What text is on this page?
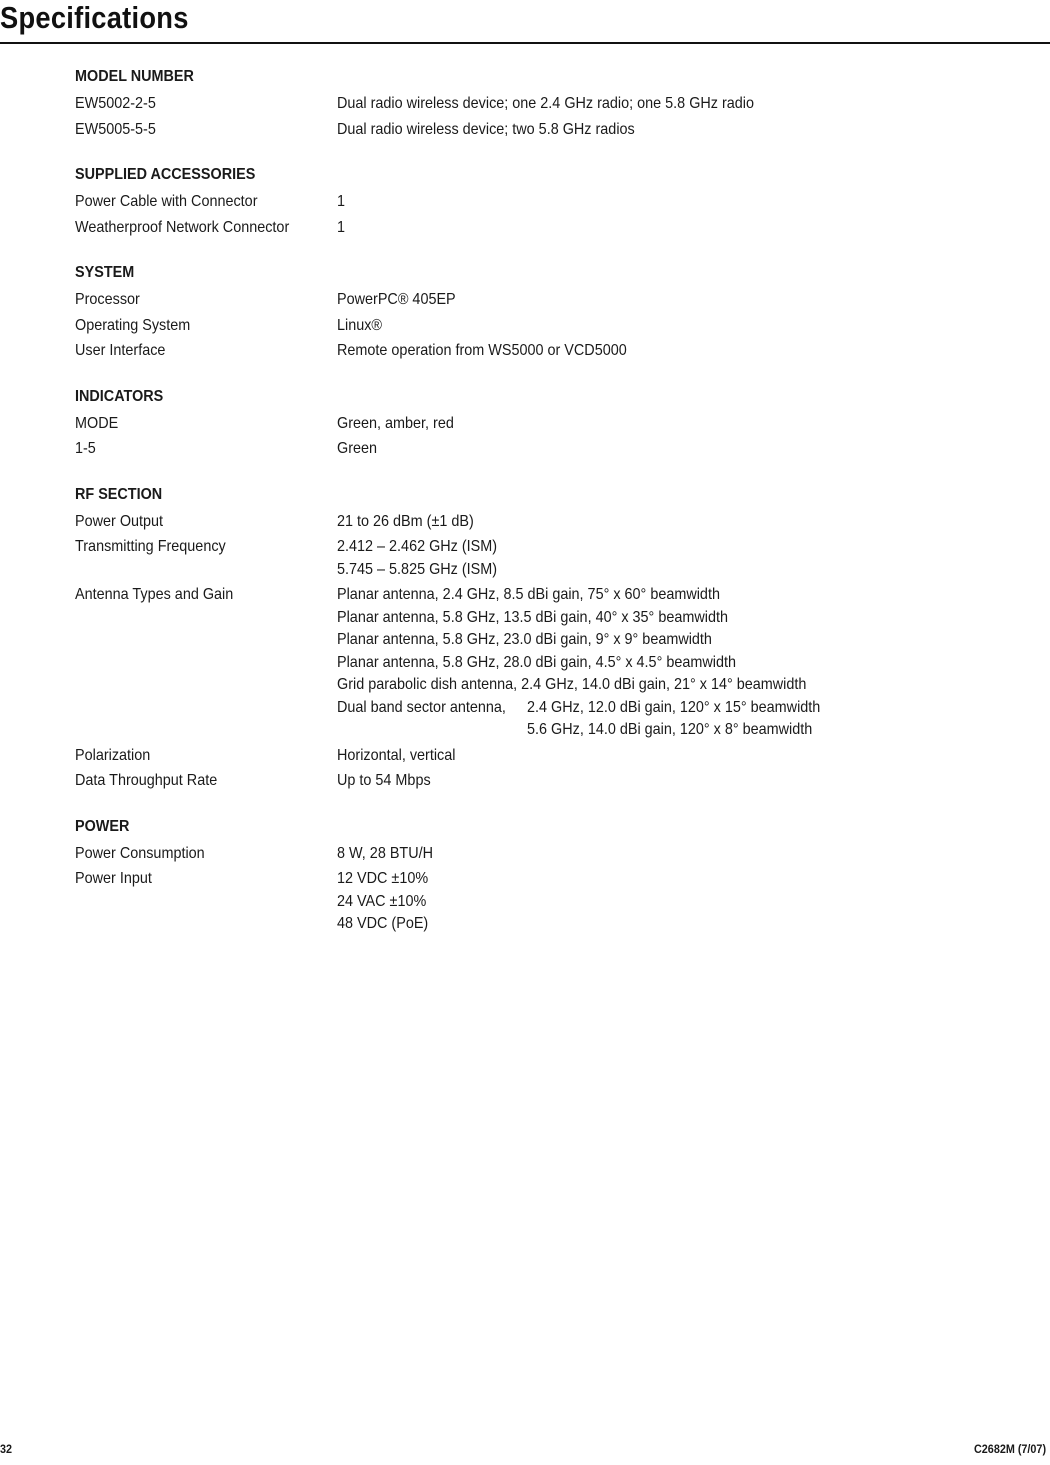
Specifications
MODEL NUMBER
EW5002-2-5	Dual radio wireless device; one 2.4 GHz radio; one 5.8 GHz radio
EW5005-5-5	Dual radio wireless device; two 5.8 GHz radios
SUPPLIED ACCESSORIES
Power Cable with Connector	1
Weatherproof Network Connector	1
SYSTEM
Processor	PowerPC® 405EP
Operating System	Linux®
User Interface	Remote operation from WS5000 or VCD5000
INDICATORS
MODE	Green, amber, red
1-5	Green
RF SECTION
Power Output	21 to 26 dBm (±1 dB)
Transmitting Frequency	2.412 – 2.462 GHz (ISM)
5.745 – 5.825 GHz (ISM)
Antenna Types and Gain	Planar antenna, 2.4 GHz, 8.5 dBi gain, 75° x 60° beamwidth
Planar antenna, 5.8 GHz, 13.5 dBi gain, 40° x 35° beamwidth
Planar antenna, 5.8 GHz, 23.0 dBi gain, 9° x 9° beamwidth
Planar antenna, 5.8 GHz, 28.0 dBi gain, 4.5° x 4.5° beamwidth
Grid parabolic dish antenna, 2.4 GHz, 14.0 dBi gain, 21° x 14° beamwidth
Dual band sector antenna,	2.4 GHz, 12.0 dBi gain, 120° x 15° beamwidth
5.6 GHz, 14.0 dBi gain, 120° x 8° beamwidth
Polarization	Horizontal, vertical
Data Throughput Rate	Up to 54 Mbps
POWER
Power Consumption	8 W, 28 BTU/H
Power Input	12 VDC ±10%
24 VAC ±10%
48 VDC (PoE)
32	C2682M (7/07)
